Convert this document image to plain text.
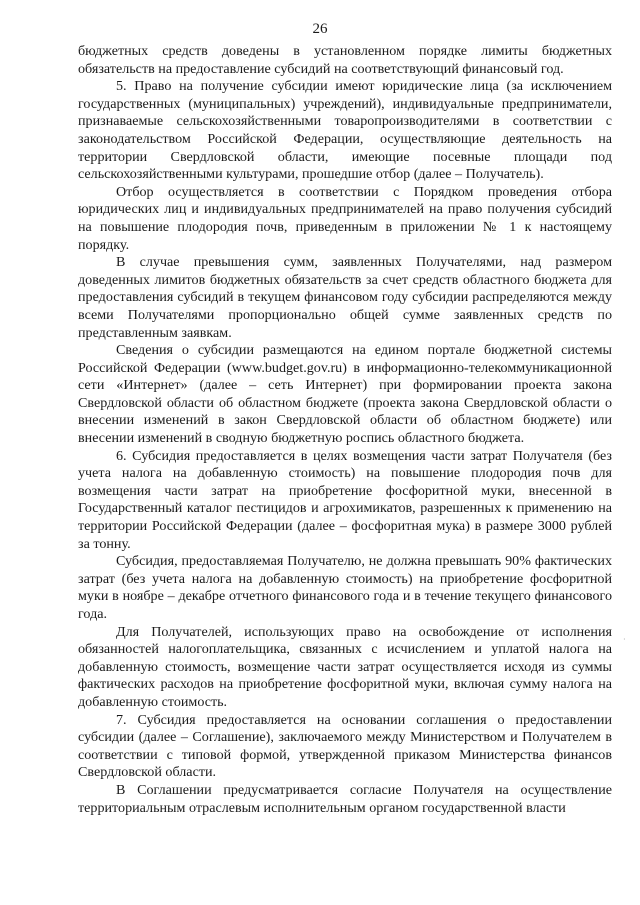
26

бюджетных средств доведены в установленном порядке лимиты бюджетных обязательств на предоставление субсидий на соответствующий финансовый год.

5. Право на получение субсидии имеют юридические лица (за исключением государственных (муниципальных) учреждений), индивидуальные предприниматели, признаваемые сельскохозяйственными товаропроизводителями в соответствии с законодательством Российской Федерации, осуществляющие деятельность на территории Свердловской области, имеющие посевные площади под сельскохозяйственными культурами, прошедшие отбор (далее – Получатель).

Отбор осуществляется в соответствии с Порядком проведения отбора юридических лиц и индивидуальных предпринимателей на право получения субсидий на повышение плодородия почв, приведенным в приложении № 1 к настоящему порядку.

В случае превышения сумм, заявленных Получателями, над размером доведенных лимитов бюджетных обязательств за счет средств областного бюджета для предоставления субсидий в текущем финансовом году субсидии распределяются между всеми Получателями пропорционально общей сумме заявленных средств по представленным заявкам.

Сведения о субсидии размещаются на едином портале бюджетной системы Российской Федерации (www.budget.gov.ru) в информационно-телекоммуникационной сети «Интернет» (далее – сеть Интернет) при формировании проекта закона Свердловской области об областном бюджете (проекта закона Свердловской области о внесении изменений в закон Свердловской области об областном бюджете) или внесении изменений в сводную бюджетную роспись областного бюджета.

6. Субсидия предоставляется в целях возмещения части затрат Получателя (без учета налога на добавленную стоимость) на повышение плодородия почв для возмещения части затрат на приобретение фосфоритной муки, внесенной в Государственный каталог пестицидов и агрохимикатов, разрешенных к применению на территории Российской Федерации (далее – фосфоритная мука) в размере 3000 рублей за тонну.

Субсидия, предоставляемая Получателю, не должна превышать 90% фактических затрат (без учета налога на добавленную стоимость) на приобретение фосфоритной муки в ноябре – декабре отчетного финансового года и в течение текущего финансового года.

Для Получателей, использующих право на освобождение от исполнения обязанностей налогоплательщика, связанных с исчислением и уплатой налога на добавленную стоимость, возмещение части затрат осуществляется исходя из суммы фактических расходов на приобретение фосфоритной муки, включая сумму налога на добавленную стоимость.

7. Субсидия предоставляется на основании соглашения о предоставлении субсидии (далее – Соглашение), заключаемого между Министерством и Получателем в соответствии с типовой формой, утвержденной приказом Министерства финансов Свердловской области.

В Соглашении предусматривается согласие Получателя на осуществление территориальным отраслевым исполнительным органом государственной власти

·
